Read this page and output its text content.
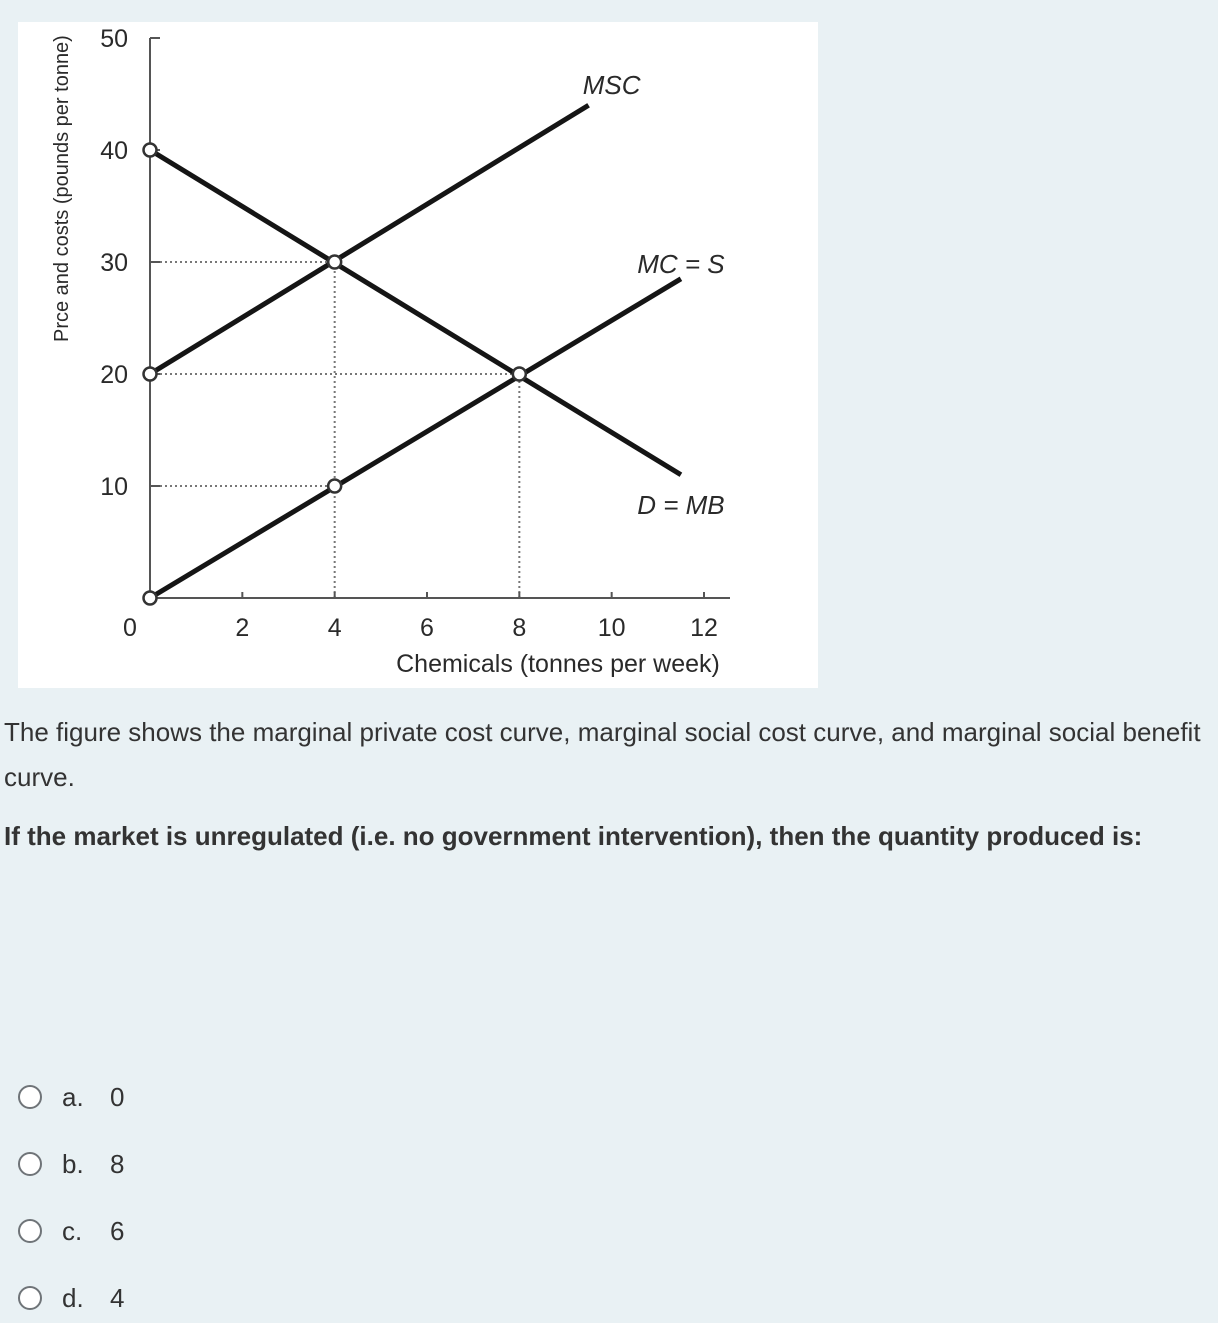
10
20
30
40
50
0	2	4	6	8	10	12
Chemicals (tonnes per week)
MSC
MC = S
D = MB
Prce and costs (pounds per tonne)

The figure shows the marginal private cost curve, marginal social cost curve, and marginal social benefit curve.

If the market is unregulated (i.e. no government intervention), then the quantity produced is:

a.	0
b.	8
c.	6
d.	4
